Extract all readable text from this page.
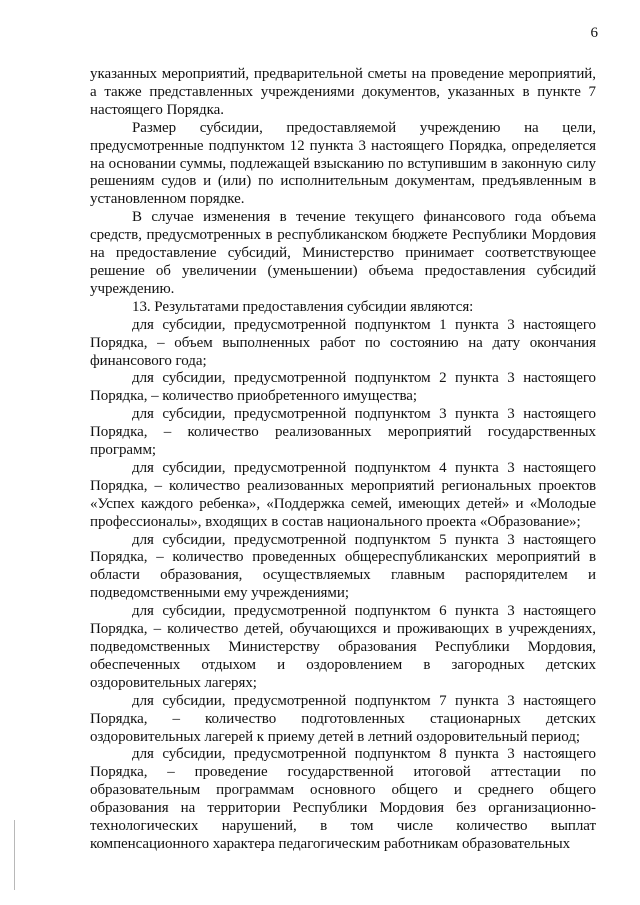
6

указанных мероприятий, предварительной сметы на проведение мероприятий, а также представленных учреждениями документов, указанных в пункте 7 настоящего Порядка.

Размер субсидии, предоставляемой учреждению на цели, предусмотренные подпунктом 12 пункта 3 настоящего Порядка, определяется на основании суммы, подлежащей взысканию по вступившим в законную силу решениям судов и (или) по исполнительным документам, предъявленным в установленном порядке.

В случае изменения в течение текущего финансового года объема средств, предусмотренных в республиканском бюджете Республики Мордовия на предоставление субсидий, Министерство принимает соответствующее решение об увеличении (уменьшении) объема предоставления субсидий учреждению.

13. Результатами предоставления субсидии являются:

для субсидии, предусмотренной подпунктом 1 пункта 3 настоящего Порядка, – объем выполненных работ по состоянию на дату окончания финансового года;

для субсидии, предусмотренной подпунктом 2 пункта 3 настоящего Порядка, – количество приобретенного имущества;

для субсидии, предусмотренной подпунктом 3 пункта 3 настоящего Порядка, – количество реализованных мероприятий государственных программ;

для субсидии, предусмотренной подпунктом 4 пункта 3 настоящего Порядка, – количество реализованных мероприятий региональных проектов «Успех каждого ребенка», «Поддержка семей, имеющих детей» и «Молодые профессионалы», входящих в состав национального проекта «Образование»;

для субсидии, предусмотренной подпунктом 5 пункта 3 настоящего Порядка, – количество проведенных общереспубликанских мероприятий в области образования, осуществляемых главным распорядителем и подведомственными ему учреждениями;

для субсидии, предусмотренной подпунктом 6 пункта 3 настоящего Порядка, – количество детей, обучающихся и проживающих в учреждениях, подведомственных Министерству образования Республики Мордовия, обеспеченных отдыхом и оздоровлением в загородных детских оздоровительных лагерях;

для субсидии, предусмотренной подпунктом 7 пункта 3 настоящего Порядка, – количество подготовленных стационарных детских оздоровительных лагерей к приему детей в летний оздоровительный период;

для субсидии, предусмотренной подпунктом 8 пункта 3 настоящего Порядка, – проведение государственной итоговой аттестации по образовательным программам основного общего и среднего общего образования на территории Республики Мордовия без организационно-технологических нарушений, в том числе количество выплат компенсационного характера педагогическим работникам образовательных
